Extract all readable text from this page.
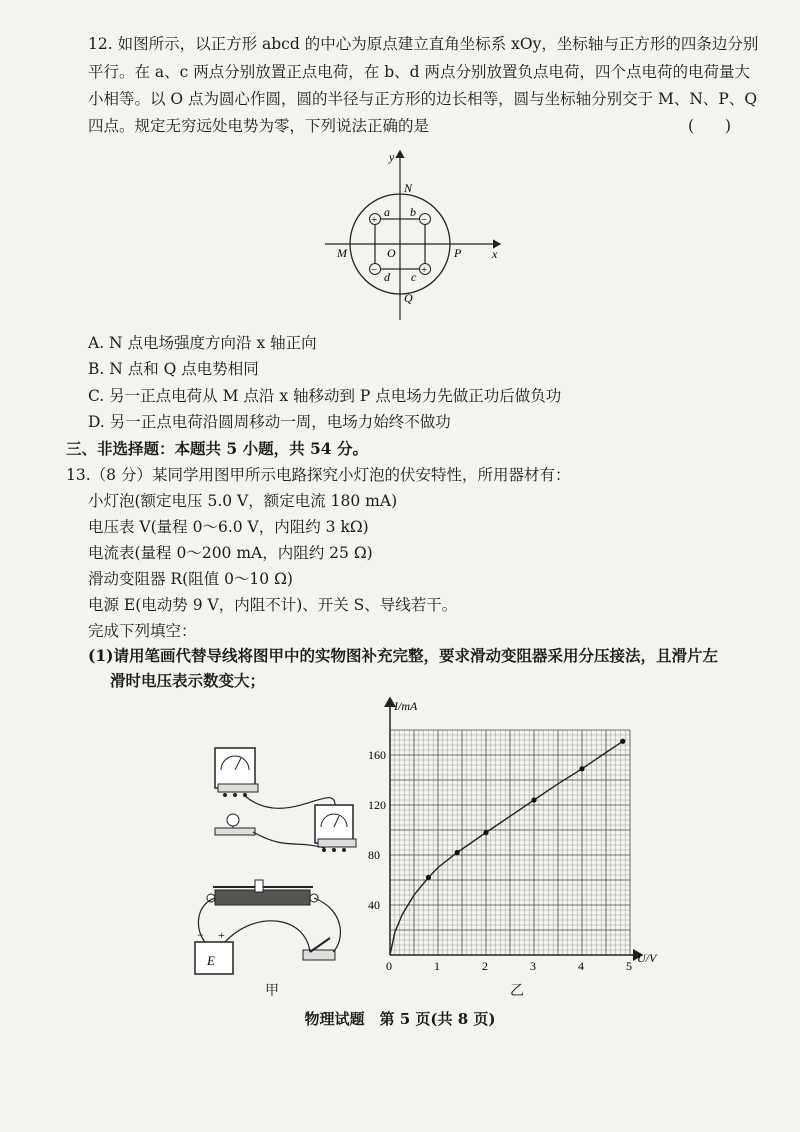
12. 如图所示，以正方形 abcd 的中心为原点建立直角坐标系 xOy，坐标轴与正方形的四条边分别
平行。在 a、c 两点分别放置正点电荷，在 b、d 两点分别放置负点电荷，四个点电荷的电荷量大
小相等。以 O 点为圆心作圆，圆的半径与正方形的边长相等，圆与坐标轴分别交于 M、N、P、Q
四点。规定无穷远处电势为零，下列说法正确的是	(　　)
y
x
O
N
M	P
Q
+	−
+
−
a b
c
d
A. N 点电场强度方向沿 x 轴正向
B. N 点和 Q 点电势相同
C. 另一正点电荷从 M 点沿 x 轴移动到 P 点电场力先做正功后做负功
D. 另一正点电荷沿圆周移动一周，电场力始终不做功
三、非选择题：本题共 5 小题，共 54 分。
13.（8 分）某同学用图甲所示电路探究小灯泡的伏安特性，所用器材有：
小灯泡(额定电压 5.0 V，额定电流 180 mA)
电压表 V(量程 0～6.0 V，内阻约 3 kΩ)
电流表(量程 0～200 mA，内阻约 25 Ω)
滑动变阻器 R(阻值 0～10 Ω)
电源 E(电动势 9 V，内阻不计)、开关 S、导线若干。
完成下列填空：
(1)请用笔画代替导线将图甲中的实物图补充完整，要求滑动变阻器采用分压接法，且滑片左
滑时电压表示数变大；
E
− +
甲
0	1	2	3	4	5
40
80
120
160
I/mA
U/V
乙
物理试题　第 5 页(共 8 页)
